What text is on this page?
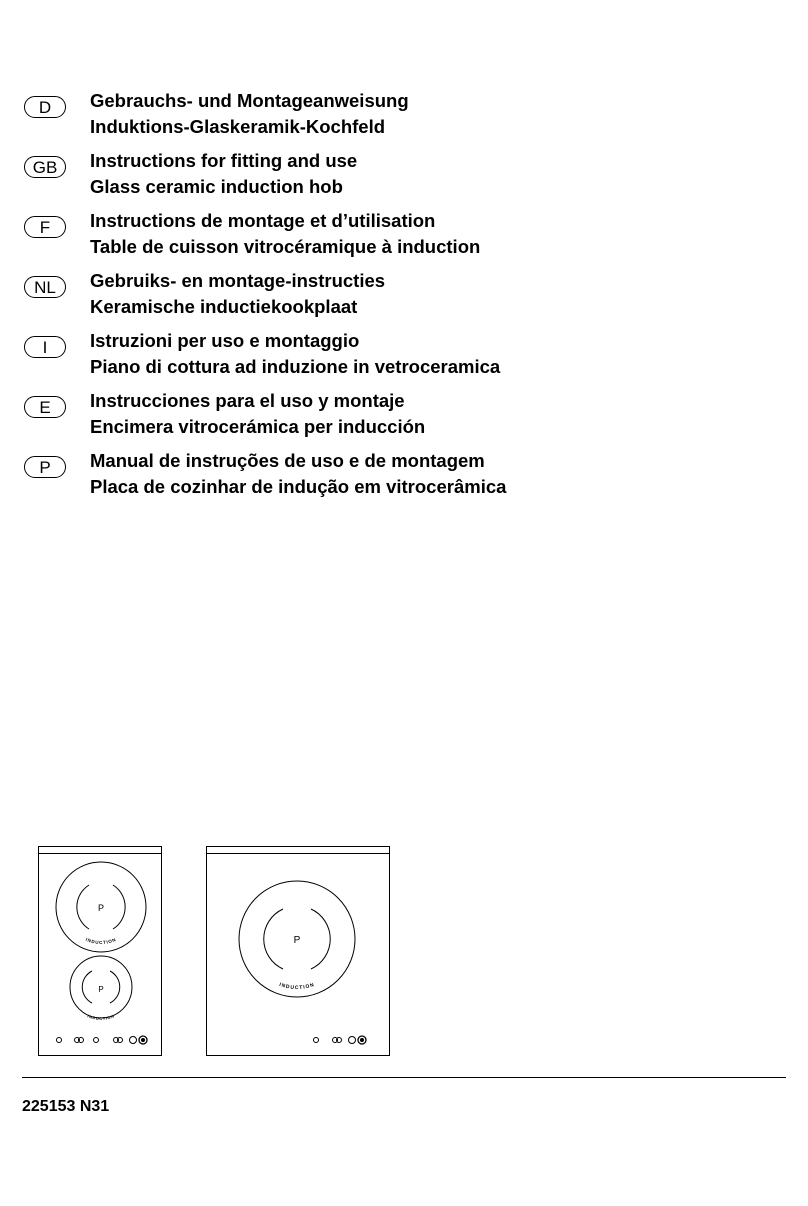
D	Gebrauchs- und Montageanweisung
Induktions-Glaskeramik-Kochfeld
GB	Instructions for fitting and use
Glass ceramic induction hob
F	Instructions de montage et d’utilisation
Table de cuisson vitrocéramique à induction
NL	Gebruiks- en montage-instructies
Keramische inductiekookplaat
I	Istruzioni per uso e montaggio
Piano di cottura ad induzione in vetroceramica
E	Instrucciones para el uso y montaje
Encimera vitrocerámica per inducción
P	Manual de instruções de uso e de montagem
Placa de cozinhar de indução em vitrocerâmica
P
P
INDUCTION
INDUCTION
P
INDUCTION
225153 N31
